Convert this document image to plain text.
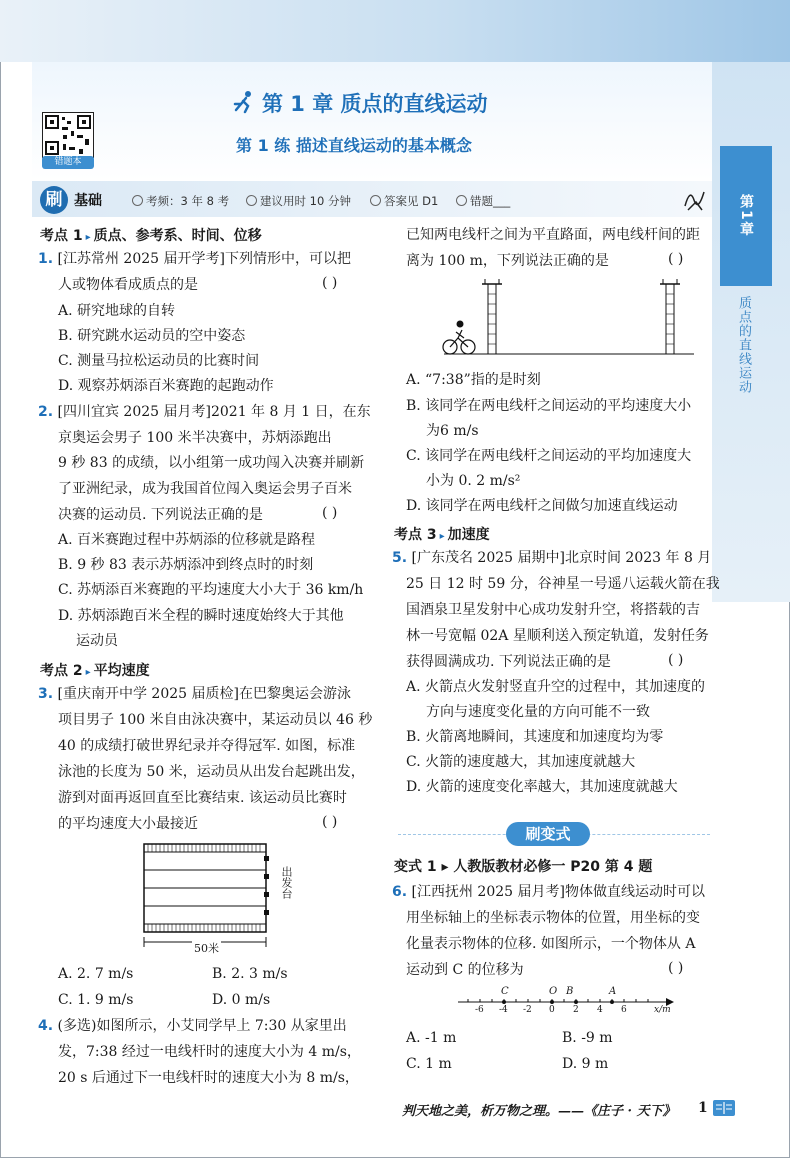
第1章
质点的直线运动
错题本
第 1 章 质点的直线运动
第 1 练 描述直线运动的基本概念
刷 基础	考频：3 年 8 考	建议用时 10 分钟	答案见 D1	错题___
考点 1 ▸ 质点、参考系、时间、位移
1. [江苏常州 2025 届开学考]下列情形中，可以把
人或物体看成质点的是	( )
A. 研究地球的自转
B. 研究跳水运动员的空中姿态
C. 测量马拉松运动员的比赛时间
D. 观察苏炳添百米赛跑的起跑动作
2. [四川宜宾 2025 届月考]2021 年 8 月 1 日，在东
京奥运会男子 100 米半决赛中，苏炳添跑出
9 秒 83 的成绩，以小组第一成功闯入决赛并刷新
了亚洲纪录，成为我国首位闯入奥运会男子百米
决赛的运动员. 下列说法正确的是	( )
A. 百米赛跑过程中苏炳添的位移就是路程
B. 9 秒 83 表示苏炳添冲到终点时的时刻
C. 苏炳添百米赛跑的平均速度大小大于 36 km/h
D. 苏炳添跑百米全程的瞬时速度始终大于其他
运动员
考点 2 ▸ 平均速度
3. [重庆南开中学 2025 届质检]在巴黎奥运会游泳
项目男子 100 米自由泳决赛中，某运动员以 46 秒
40 的成绩打破世界纪录并夺得冠军. 如图，标准
泳池的长度为 50 米，运动员从出发台起跳出发，
游到对面再返回直至比赛结束. 该运动员比赛时
的平均速度大小最接近	( )
50米
出发台
A. 2. 7 m/s	B. 2. 3 m/s
C. 1. 9 m/s	D. 0 m/s
4. (多选)如图所示，小艾同学早上 7:30 从家里出
发，7:38 经过一电线杆时的速度大小为 4 m/s，
20 s 后通过下一电线杆时的速度大小为 8 m/s，
已知两电线杆之间为平直路面，两电线杆间的距
离为 100 m，下列说法正确的是	( )
A. “7:38”指的是时刻
B. 该同学在两电线杆之间运动的平均速度大小
为6 m/s
C. 该同学在两电线杆之间运动的平均加速度大
小为 0. 2 m/s²
D. 该同学在两电线杆之间做匀加速直线运动
考点 3 ▸ 加速度
5. [广东茂名 2025 届期中]北京时间 2023 年 8 月
25 日 12 时 59 分，谷神星一号遥八运载火箭在我
国酒泉卫星发射中心成功发射升空，将搭载的吉
林一号宽幅 02A 星顺利送入预定轨道，发射任务
获得圆满成功. 下列说法正确的是	( )
A. 火箭点火发射竖直升空的过程中，其加速度的
方向与速度变化量的方向可能不一致
B. 火箭离地瞬间，其速度和加速度均为零
C. 火箭的速度越大，其加速度就越大
D. 火箭的速度变化率越大，其加速度就越大
刷变式
变式 1 ▸ 人教版教材必修一 P20 第 4 题
6. [江西抚州 2025 届月考]物体做直线运动时可以
用坐标轴上的坐标表示物体的位置，用坐标的变
化量表示物体的位移. 如图所示，一个物体从 A
运动到 C 的位移为	( )
C	O B	A
-6 -4 -2 0 2 4 6	x/m
A. -1 m	B. -9 m
C. 1 m	D. 9 m
判天地之美，析万物之理。——《庄子 · 天下》 1
